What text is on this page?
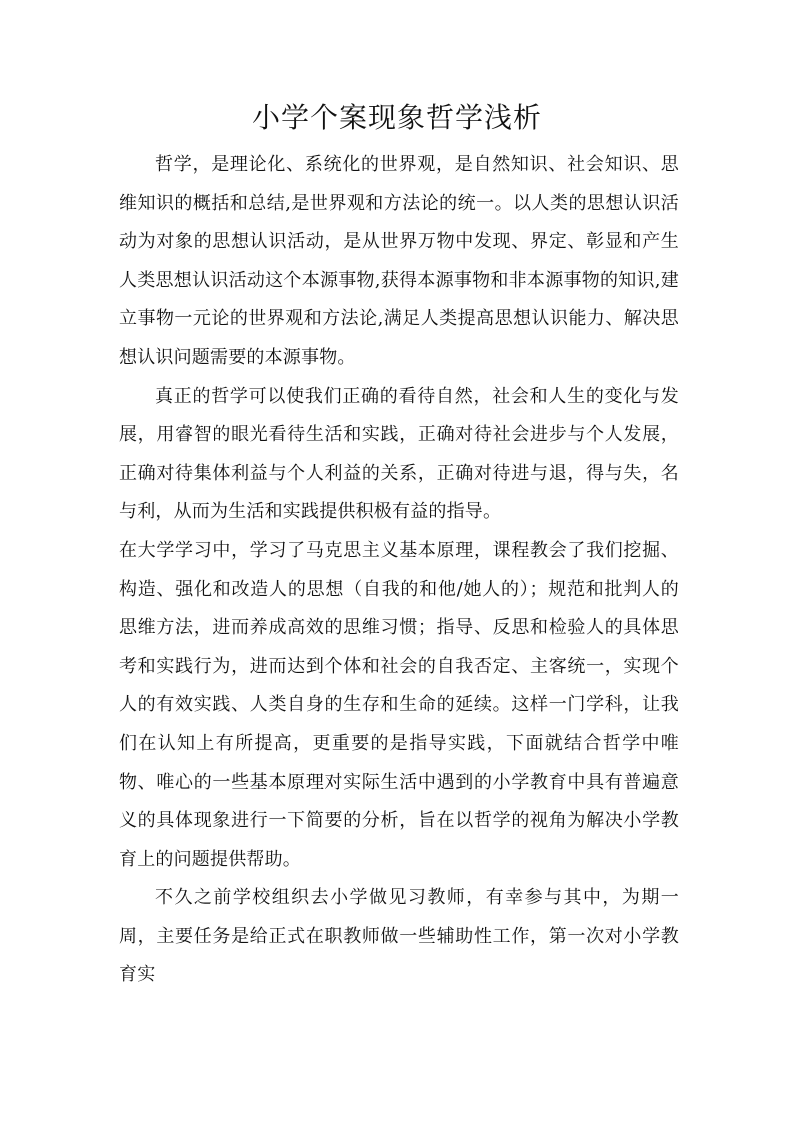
小学个案现象哲学浅析

哲学，是理论化、系统化的世界观，是自然知识、社会知识、思维知识的概括和总结,是世界观和方法论的统一。以人类的思想认识活动为对象的思想认识活动，是从世界万物中发现、界定、彰显和产生人类思想认识活动这个本源事物,获得本源事物和非本源事物的知识,建立事物一元论的世界观和方法论,满足人类提高思想认识能力、解决思想认识问题需要的本源事物。

真正的哲学可以使我们正确的看待自然，社会和人生的变化与发展，用睿智的眼光看待生活和实践，正确对待社会进步与个人发展，正确对待集体利益与个人利益的关系，正确对待进与退，得与失，名与利，从而为生活和实践提供积极有益的指导。

在大学学习中，学习了马克思主义基本原理，课程教会了我们挖掘、构造、强化和改造人的思想（自我的和他/她人的）；规范和批判人的思维方法，进而养成高效的思维习惯；指导、反思和检验人的具体思考和实践行为，进而达到个体和社会的自我否定、主客统一，实现个人的有效实践、人类自身的生存和生命的延续。这样一门学科，让我们在认知上有所提高，更重要的是指导实践，下面就结合哲学中唯物、唯心的一些基本原理对实际生活中遇到的小学教育中具有普遍意义的具体现象进行一下简要的分析，旨在以哲学的视角为解决小学教育上的问题提供帮助。

不久之前学校组织去小学做见习教师，有幸参与其中，为期一周，主要任务是给正式在职教师做一些辅助性工作，第一次对小学教育实
